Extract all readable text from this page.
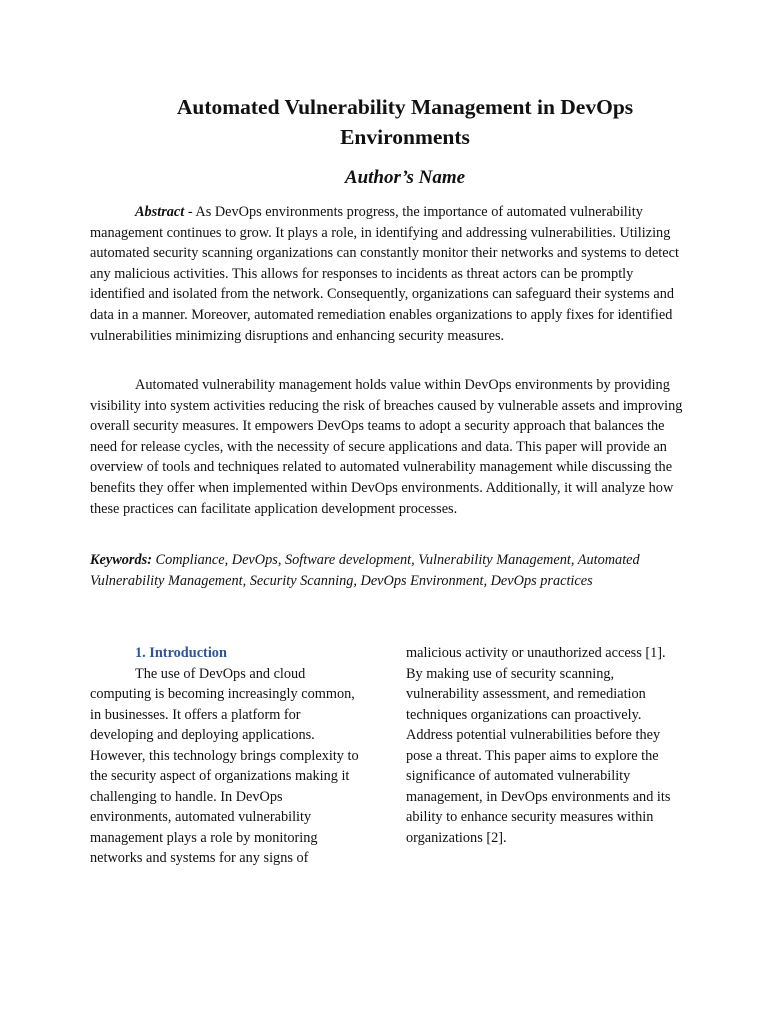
Automated Vulnerability Management in DevOps Environments
Author’s Name

Abstract - As DevOps environments progress, the importance of automated vulnerability management continues to grow. It plays a role, in identifying and addressing vulnerabilities. Utilizing automated security scanning organizations can constantly monitor their networks and systems to detect any malicious activities. This allows for responses to incidents as threat actors can be promptly identified and isolated from the network. Consequently, organizations can safeguard their systems and data in a manner. Moreover, automated remediation enables organizations to apply fixes for identified vulnerabilities minimizing disruptions and enhancing security measures.

Automated vulnerability management holds value within DevOps environments by providing visibility into system activities reducing the risk of breaches caused by vulnerable assets and improving overall security measures. It empowers DevOps teams to adopt a security approach that balances the need for release cycles, with the necessity of secure applications and data. This paper will provide an overview of tools and techniques related to automated vulnerability management while discussing the benefits they offer when implemented within DevOps environments. Additionally, it will analyze how these practices can facilitate application development processes.

Keywords: Compliance, DevOps, Software development, Vulnerability Management, Automated Vulnerability Management, Security Scanning, DevOps Environment, DevOps practices

1. Introduction

The use of DevOps and cloud computing is becoming increasingly common, in businesses. It offers a platform for developing and deploying applications. However, this technology brings complexity to the security aspect of organizations making it challenging to handle. In DevOps environments, automated vulnerability management plays a role by monitoring networks and systems for any signs of

malicious activity or unauthorized access [1]. By making use of security scanning, vulnerability assessment, and remediation techniques organizations can proactively. Address potential vulnerabilities before they pose a threat. This paper aims to explore the significance of automated vulnerability management, in DevOps environments and its ability to enhance security measures within organizations [2].
